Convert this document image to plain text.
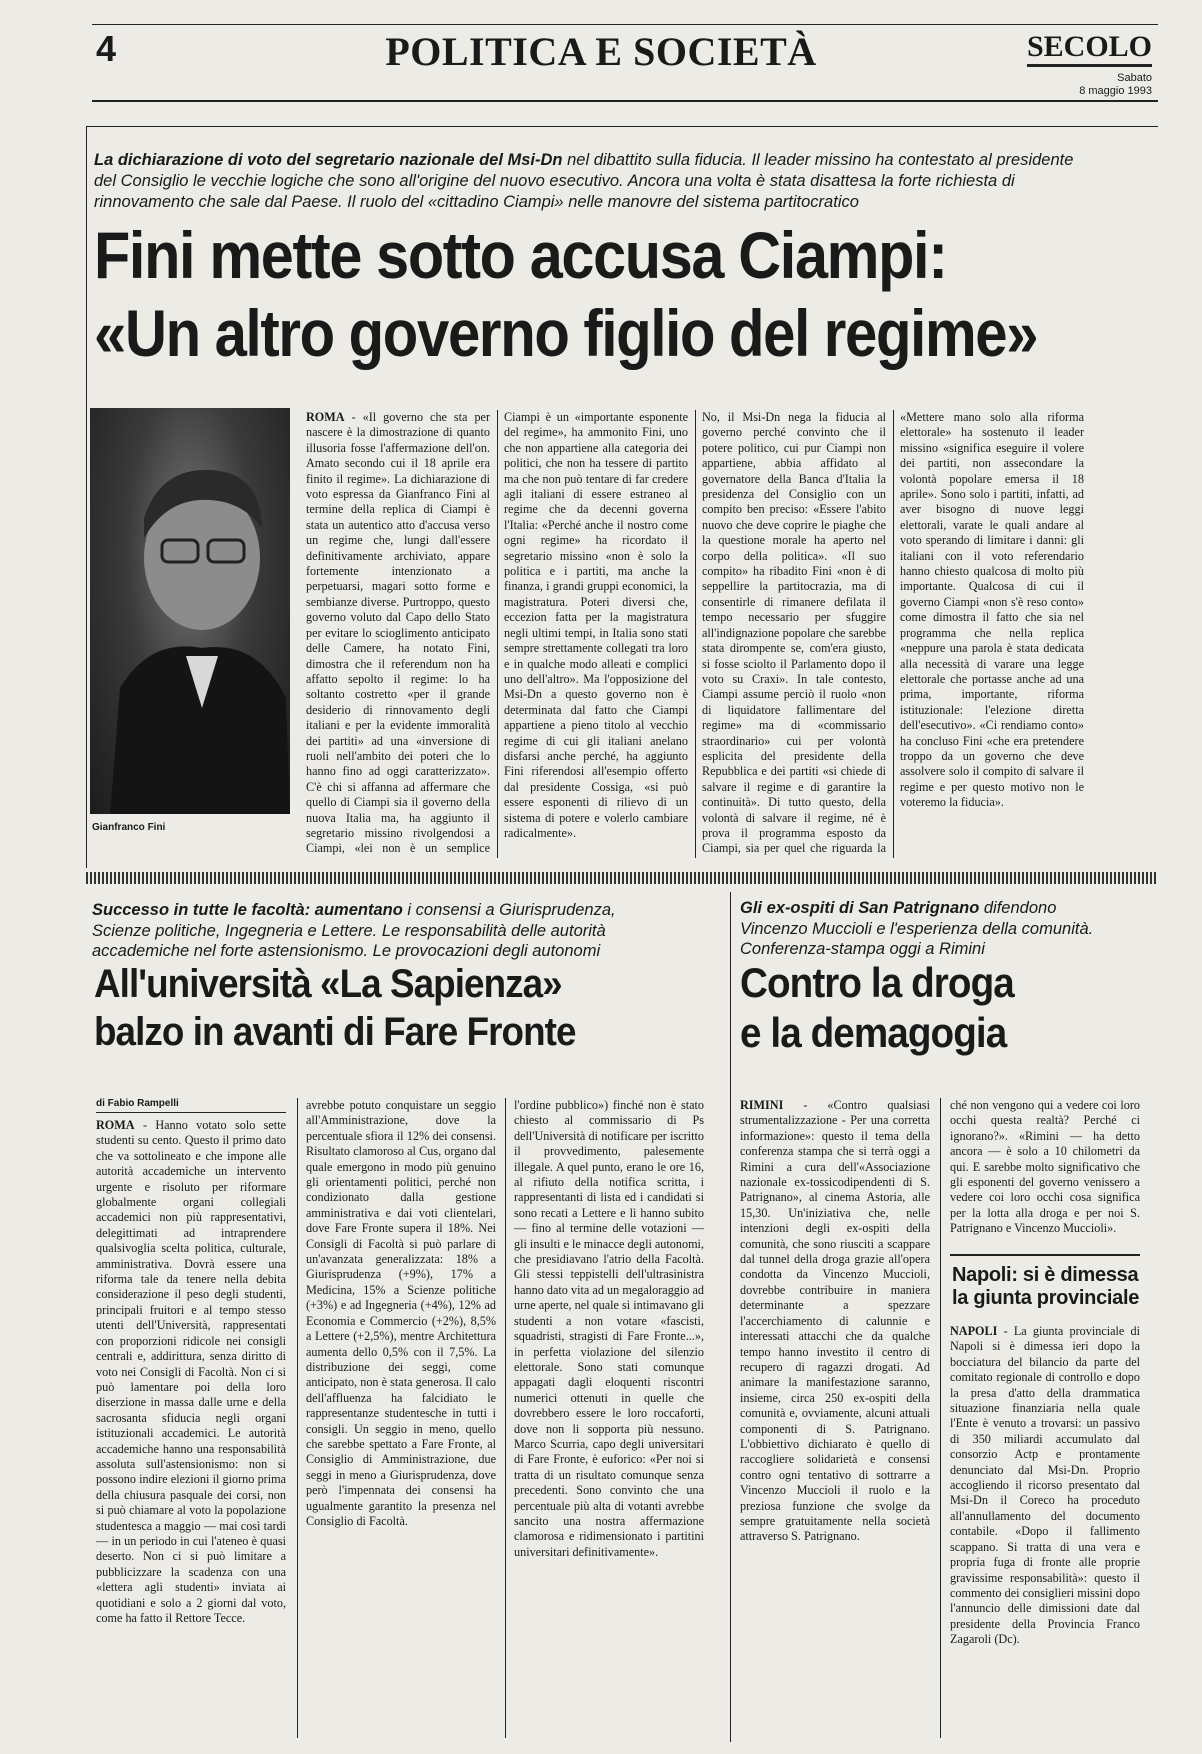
4	POLITICA E SOCIETÀ	SECOLO
Sabato
8 maggio 1993
La dichiarazione di voto del segretario nazionale del Msi-Dn nel dibattito sulla fiducia. Il leader missino ha contestato al presidente del Consiglio le vecchie logiche che sono all'origine del nuovo esecutivo. Ancora una volta è stata disattesa la forte richiesta di rinnovamento che sale dal Paese. Il ruolo del «cittadino Ciampi» nelle manovre del sistema partitocratico
Fini mette sotto accusa Ciampi:
«Un altro governo figlio del regime»
Gianfranco Fini
ROMA - «Il governo che sta per nascere è la dimostrazione di quanto illusoria fosse l'affermazione dell'on. Amato secondo cui il 18 aprile era finito il regime». La dichiarazione di voto espressa da Gianfranco Fini al termine della replica di Ciampi è stata un autentico atto d'accusa verso un regime che, lungi dall'essere definitivamente archiviato, appare fortemente intenzionato a perpetuarsi, magari sotto forme e sembianze diverse. Purtroppo, questo governo voluto dal Capo dello Stato per evitare lo scioglimento anticipato delle Camere, ha notato Fini, dimostra che il referendum non ha affatto sepolto il regime: lo ha soltanto costretto «per il grande desiderio di rinnovamento degli italiani e per la evidente immoralità dei partiti» ad una «inversione di ruoli nell'ambito dei poteri che lo hanno fino ad oggi caratterizzato». C'è chi si affanna ad affermare che quello di Ciampi sia il governo della nuova Italia ma, ha aggiunto il segretario missino rivolgendosi a Ciampi, «lei non è un semplice
Ciampi è un «importante esponente del regime», ha ammonito Fini, uno che non appartiene alla categoria dei politici, che non ha tessere di partito ma che non può tentare di far credere agli italiani di essere estraneo al regime che da decenni governa l'Italia: «Perché anche il nostro come ogni regime» ha ricordato il segretario missino «non è solo la politica e i partiti, ma anche la finanza, i grandi gruppi economici, la magistratura. Poteri diversi che, eccezion fatta per la magistratura negli ultimi tempi, in Italia sono stati sempre strettamente collegati tra loro e in qualche modo alleati e complici uno dell'altro». Ma l'opposizione del Msi-Dn a questo governo non è determinata dal fatto che Ciampi appartiene a pieno titolo al vecchio regime di cui gli italiani anelano disfarsi anche perché, ha aggiunto Fini riferendosi all'esempio offerto dal presidente Cossiga, «si può essere esponenti di rilievo di un sistema di potere e volerlo cambiare radicalmente».
No, il Msi-Dn nega la fiducia al governo perché convinto che il potere politico, cui pur Ciampi non appartiene, abbia affidato al governatore della Banca d'Italia la presidenza del Consiglio con un compito ben preciso: «Essere l'abito nuovo che deve coprire le piaghe che la questione morale ha aperto nel corpo della politica». «Il suo compito» ha ribadito Fini «non è di seppellire la partitocrazia, ma di consentirle di rimanere defilata il tempo necessario per sfuggire all'indignazione popolare che sarebbe stata dirompente se, com'era giusto, si fosse sciolto il Parlamento dopo il voto su Craxi». In tale contesto, Ciampi assume perciò il ruolo «non di liquidatore fallimentare del regime» ma di «commissario straordinario» cui per volontà esplicita del presidente della Repubblica e dei partiti «si chiede di salvare il regime e di garantire la continuità». Di tutto questo, della volontà di salvare il regime, né è prova il programma esposto da Ciampi, sia per quel che riguarda la
«Mettere mano solo alla riforma elettorale» ha sostenuto il leader missino «significa eseguire il volere dei partiti, non assecondare la volontà popolare emersa il 18 aprile». Sono solo i partiti, infatti, ad aver bisogno di nuove leggi elettorali, varate le quali andare al voto sperando di limitare i danni: gli italiani con il voto referendario hanno chiesto qualcosa di molto più importante. Qualcosa di cui il governo Ciampi «non s'è reso conto» come dimostra il fatto che sia nel programma che nella replica «neppure una parola è stata dedicata alla necessità di varare una legge elettorale che portasse anche ad una prima, importante, riforma istituzionale: l'elezione diretta dell'esecutivo». «Ci rendiamo conto» ha concluso Fini «che era pretendere troppo da un governo che deve assolvere solo il compito di salvare il regime e per questo motivo non le voteremo la fiducia».
Successo in tutte le facoltà: aumentano i consensi a Giurisprudenza, Scienze politiche, Ingegneria e Lettere. Le responsabilità delle autorità accademiche nel forte astensionismo. Le provocazioni degli autonomi
All'università «La Sapienza»
balzo in avanti di Fare Fronte
di Fabio Rampelli
ROMA - Hanno votato solo sette studenti su cento. Questo il primo dato che va sottolineato e che impone alle autorità accademiche un intervento urgente e risoluto per riformare globalmente organi collegiali accademici non più rappresentativi, delegittimati ad intraprendere qualsivoglia scelta politica, culturale, amministrativa. Dovrà essere una riforma tale da tenere nella debita considerazione il peso degli studenti, principali fruitori e al tempo stesso utenti dell'Università, rappresentati con proporzioni ridicole nei consigli centrali e, addirittura, senza diritto di voto nei Consigli di Facoltà. Non ci si può lamentare poi della loro diserzione in massa dalle urne e della sacrosanta sfiducia negli organi istituzionali accademici. Le autorità accademiche hanno una responsabilità assoluta sull'astensionismo: non si possono indire elezioni il giorno prima della chiusura pasquale dei corsi, non si può chiamare al voto la popolazione studentesca a maggio — mai così tardi — in un periodo in cui l'ateneo è quasi deserto. Non ci si può limitare a pubblicizzare la scadenza con una «lettera agli studenti» inviata ai quotidiani e solo a 2 giorni dal voto, come ha fatto il Rettore Tecce.
avrebbe potuto conquistare un seggio all'Amministrazione, dove la percentuale sfiora il 12% dei consensi. Risultato clamoroso al Cus, organo dal quale emergono in modo più genuino gli orientamenti politici, perché non condizionato dalla gestione amministrativa e dai voti clientelari, dove Fare Fronte supera il 18%. Nei Consigli di Facoltà si può parlare di un'avanzata generalizzata: 18% a Giurisprudenza (+9%), 17% a Medicina, 15% a Scienze politiche (+3%) e ad Ingegneria (+4%), 12% ad Economia e Commercio (+2%), 8,5% a Lettere (+2,5%), mentre Architettura aumenta dello 0,5% con il 7,5%. La distribuzione dei seggi, come anticipato, non è stata generosa. Il calo dell'affluenza ha falcidiato le rappresentanze studentesche in tutti i consigli. Un seggio in meno, quello che sarebbe spettato a Fare Fronte, al Consiglio di Amministrazione, due seggi in meno a Giurisprudenza, dove però l'impennata dei consensi ha ugualmente garantito la presenza nel Consiglio di Facoltà.
l'ordine pubblico») finché non è stato chiesto al commissario di Ps dell'Università di notificare per iscritto il provvedimento, palesemente illegale. A quel punto, erano le ore 16, al rifiuto della notifica scritta, i rappresentanti di lista ed i candidati si sono recati a Lettere e lì hanno subito — fino al termine delle votazioni — gli insulti e le minacce degli autonomi, che presidiavano l'atrio della Facoltà. Gli stessi teppistelli dell'ultrasinistra hanno dato vita ad un megaloraggio ad urne aperte, nel quale si intimavano gli studenti a non votare «fascisti, squadristi, stragisti di Fare Fronte...», in perfetta violazione del silenzio elettorale. Sono stati comunque appagati dagli eloquenti riscontri numerici ottenuti in quelle che dovrebbero essere le loro roccaforti, dove non li sopporta più nessuno. Marco Scurria, capo degli universitari di Fare Fronte, è euforico: «Per noi si tratta di un risultato comunque senza precedenti. Sono convinto che una percentuale più alta di votanti avrebbe sancito una nostra affermazione clamorosa e ridimensionato i partitini universitari definitivamente».
Gli ex-ospiti di San Patrignano difendono Vincenzo Muccioli e l'esperienza della comunità. Conferenza-stampa oggi a Rimini
Contro la droga
e la demagogia
RIMINI - «Contro qualsiasi strumentalizzazione - Per una corretta informazione»: questo il tema della conferenza stampa che si terrà oggi a Rimini a cura dell'«Associazione nazionale ex-tossicodipendenti di S. Patrignano», al cinema Astoria, alle 15,30. Un'iniziativa che, nelle intenzioni degli ex-ospiti della comunità, che sono riusciti a scappare dal tunnel della droga grazie all'opera condotta da Vincenzo Muccioli, dovrebbe contribuire in maniera determinante a spezzare l'accerchiamento di calunnie e interessati attacchi che da qualche tempo hanno investito il centro di recupero di ragazzi drogati. Ad animare la manifestazione saranno, insieme, circa 250 ex-ospiti della comunità e, ovviamente, alcuni attuali componenti di S. Patrignano. L'obbiettivo dichiarato è quello di raccogliere solidarietà e consensi contro ogni tentativo di sottrarre a Vincenzo Muccioli il ruolo e la preziosa funzione che svolge da sempre gratuitamente nella società attraverso S. Patrignano.
ché non vengono qui a vedere coi loro occhi questa realtà? Perché ci ignorano?». «Rimini — ha detto ancora — è solo a 10 chilometri da qui. E sarebbe molto significativo che gli esponenti del governo venissero a vedere coi loro occhi cosa significa per la lotta alla droga e per noi S. Patrignano e Vincenzo Muccioli».
Napoli: si è dimessa la giunta provinciale
NAPOLI - La giunta provinciale di Napoli si è dimessa ieri dopo la bocciatura del bilancio da parte del comitato regionale di controllo e dopo la presa d'atto della drammatica situazione finanziaria nella quale l'Ente è venuto a trovarsi: un passivo di 350 miliardi accumulato dal consorzio Actp e prontamente denunciato dal Msi-Dn. Proprio accogliendo il ricorso presentato dal Msi-Dn il Coreco ha proceduto all'annullamento del documento contabile. «Dopo il fallimento scappano. Si tratta di una vera e propria fuga di fronte alle proprie gravissime responsabilità»: questo il commento dei consiglieri missini dopo l'annuncio delle dimissioni date dal presidente della Provincia Franco Zagaroli (Dc).
